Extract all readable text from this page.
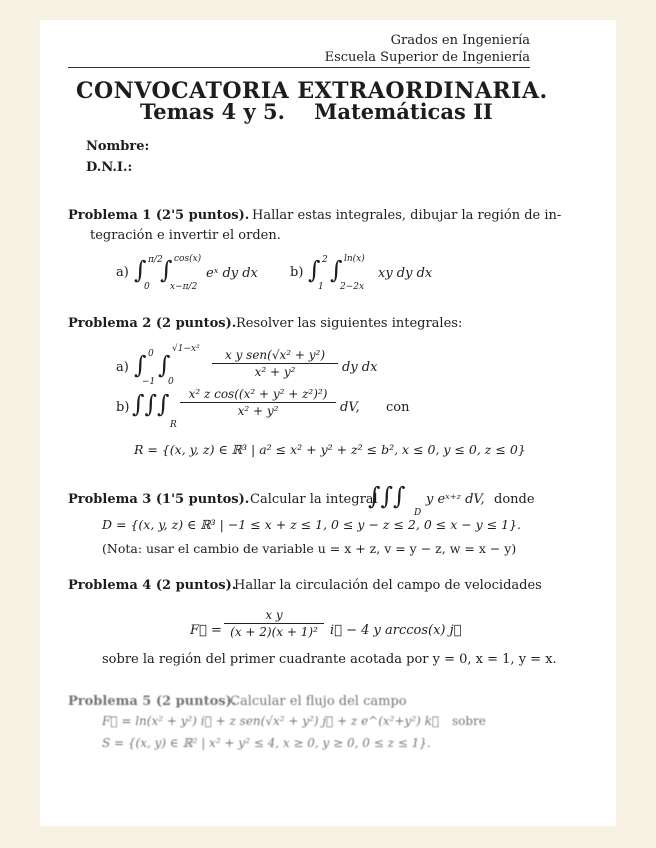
Grados en Ingeniería
Escuela Superior de Ingeniería
CONVOCATORIA EXTRAORDINARIA.
Temas 4 y 5.    Matemáticas II
Nombre:
D.N.I.:
Problema 1 (2'5 puntos). Hallar estas integrales, dibujar la región de in-
tegración e invertir el orden.
a) ∫ π/2
0
∫ cos(x)
x−π/2
eˣ dy dx b) ∫ 2
1
∫ ln(x)
2−2x
xy dy dx
Problema 2 (2 puntos). Resolver las siguientes integrales:
a) ∫ 0
−1
∫
√1−x²
0
x y sen(√x² + y²)
x² + y²	dy dx
b) ∫∫∫
R
x² z cos((x² + y² + z²)²)
x² + y²	dV, con
R = {(x, y, z) ∈ ℝ³ | a² ≤ x² + y² + z² ≤ b², x ≤ 0, y ≤ 0, z ≤ 0}
Problema 3 (1'5 puntos). Calcular la integral
∫∫∫
D
y eˣ⁺ᶻ dV, donde
D = {(x, y, z) ∈ ℝ³ | −1 ≤ x + z ≤ 1, 0 ≤ y − z ≤ 2, 0 ≤ x − y ≤ 1}.
(Nota: usar el cambio de variable u = x + z, v = y − z, w = x − y)
Problema 4 (2 puntos).
Hallar la circulación del campo de velocidades
F⃗ =
x y
(x + 2)(x + 1)² i⃗ − 4 y arccos(x) j⃗
sobre la región del primer cuadrante acotada por y = 0, x = 1, y = x.
Problema 5 (2 puntos).
Calcular el flujo del campo
F⃗ = ln(x² + y²) i⃗ + z sen(√x² + y²) j⃗ + z e^(x²+y²) k⃗ sobre
S = {(x, y) ∈ ℝ² | x² + y² ≤ 4, x ≥ 0, y ≥ 0, 0 ≤ z ≤ 1}.
